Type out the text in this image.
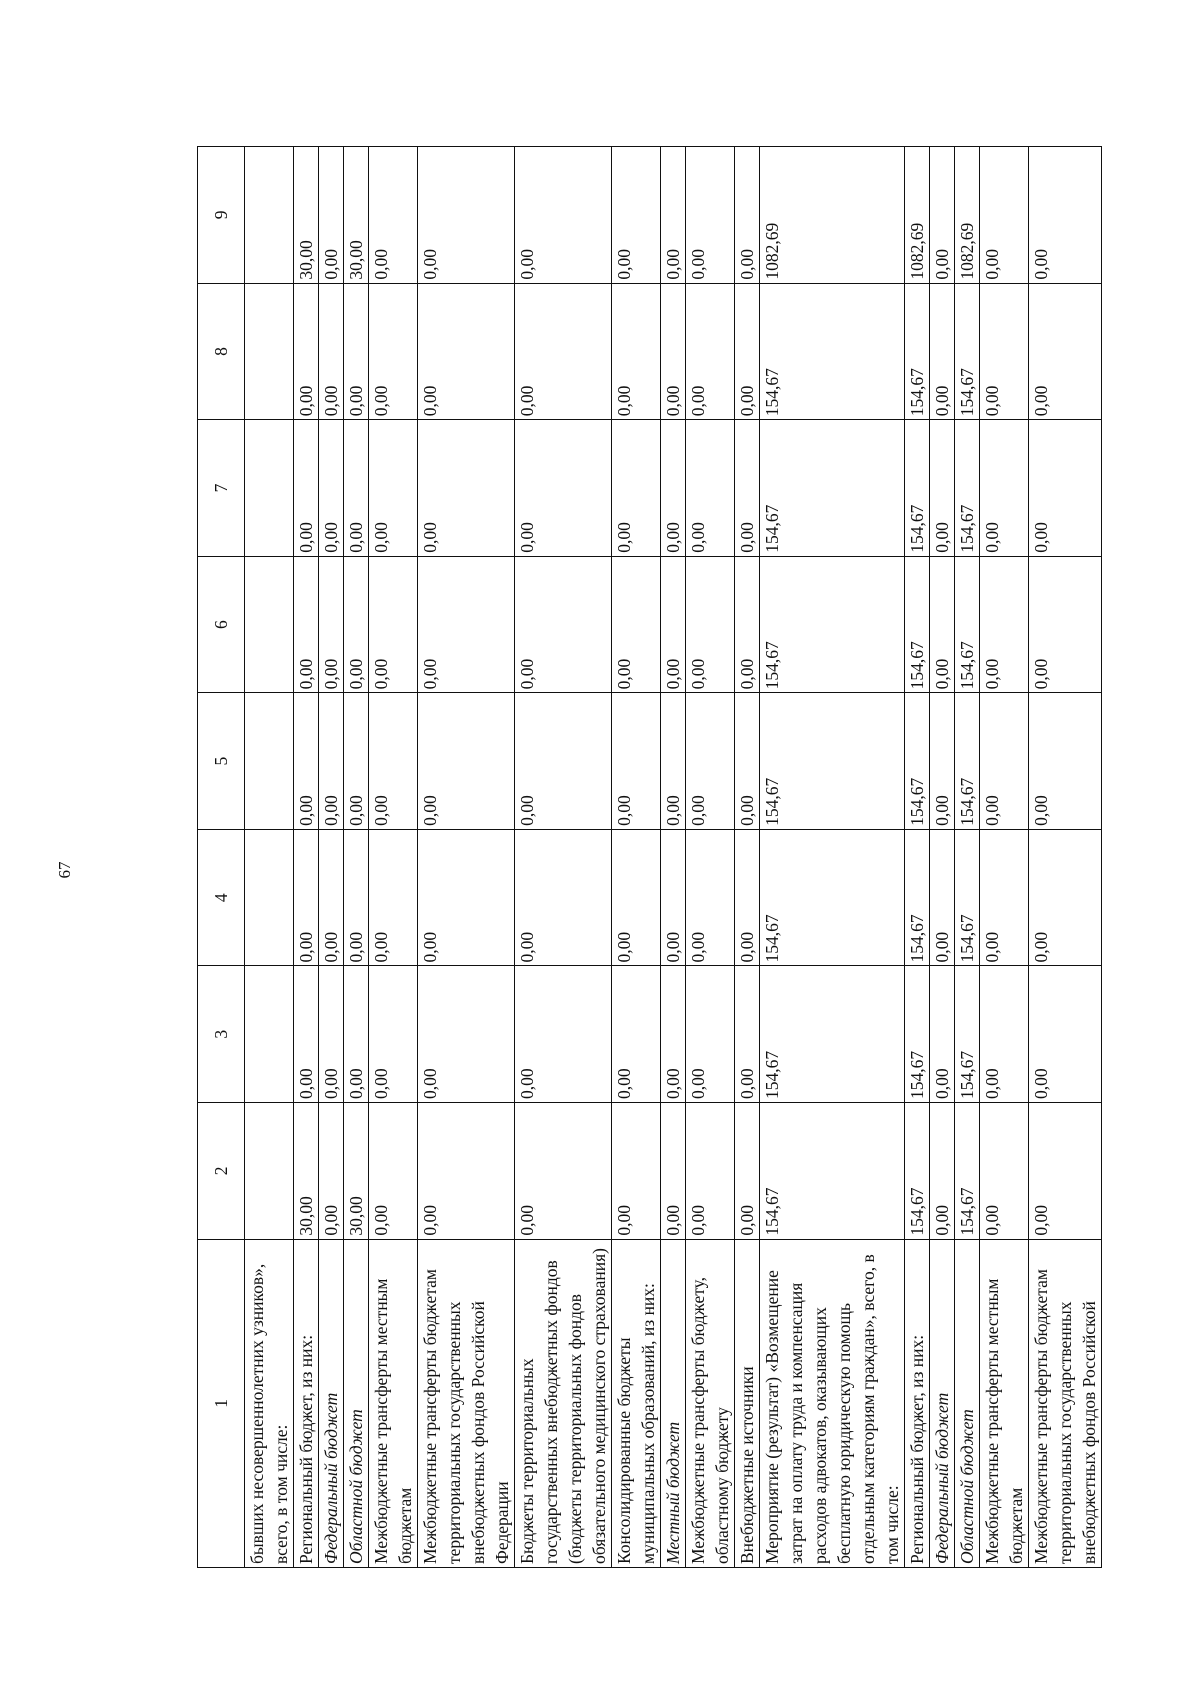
67
1	2	3	4	5	6	7	8	9
бывших несовершеннолетних узников», всего, в том числе:								
Региональный бюджет, из них:	30,00	0,00	0,00	0,00	0,00	0,00	0,00	30,00
Федеральный бюджет	0,00	0,00	0,00	0,00	0,00	0,00	0,00	0,00
Областной бюджет	30,00	0,00	0,00	0,00	0,00	0,00	0,00	30,00
Межбюджетные трансферты местным бюджетам	0,00	0,00	0,00	0,00	0,00	0,00	0,00	0,00
Межбюджетные трансферты бюджетам территориальных государственных внебюджетных фондов Российской Федерации	0,00	0,00	0,00	0,00	0,00	0,00	0,00	0,00
Бюджеты территориальных государственных внебюджетных фондов (бюджеты территориальных фондов обязательного медицинского страхования)	0,00	0,00	0,00	0,00	0,00	0,00	0,00	0,00
Консолидированные бюджеты муниципальных образований, из них:	0,00	0,00	0,00	0,00	0,00	0,00	0,00	0,00
Местный бюджет	0,00	0,00	0,00	0,00	0,00	0,00	0,00	0,00
Межбюджетные трансферты бюджету, областному бюджету	0,00	0,00	0,00	0,00	0,00	0,00	0,00	0,00
Внебюджетные источники	0,00	0,00	0,00	0,00	0,00	0,00	0,00	0,00
Мероприятие (результат) «Возмещение затрат на оплату труда и компенсация расходов адвокатов, оказывающих бесплатную юридическую помощь отдельным категориям граждан», всего, в том числе:	154,67	154,67	154,67	154,67	154,67	154,67	154,67	1082,69
Региональный бюджет, из них:	154,67	154,67	154,67	154,67	154,67	154,67	154,67	1082,69
Федеральный бюджет	0,00	0,00	0,00	0,00	0,00	0,00	0,00	0,00
Областной бюджет	154,67	154,67	154,67	154,67	154,67	154,67	154,67	1082,69
Межбюджетные трансферты местным бюджетам	0,00	0,00	0,00	0,00	0,00	0,00	0,00	0,00
Межбюджетные трансферты бюджетам территориальных государственных внебюджетных фондов Российской	0,00	0,00	0,00	0,00	0,00	0,00	0,00	0,00
